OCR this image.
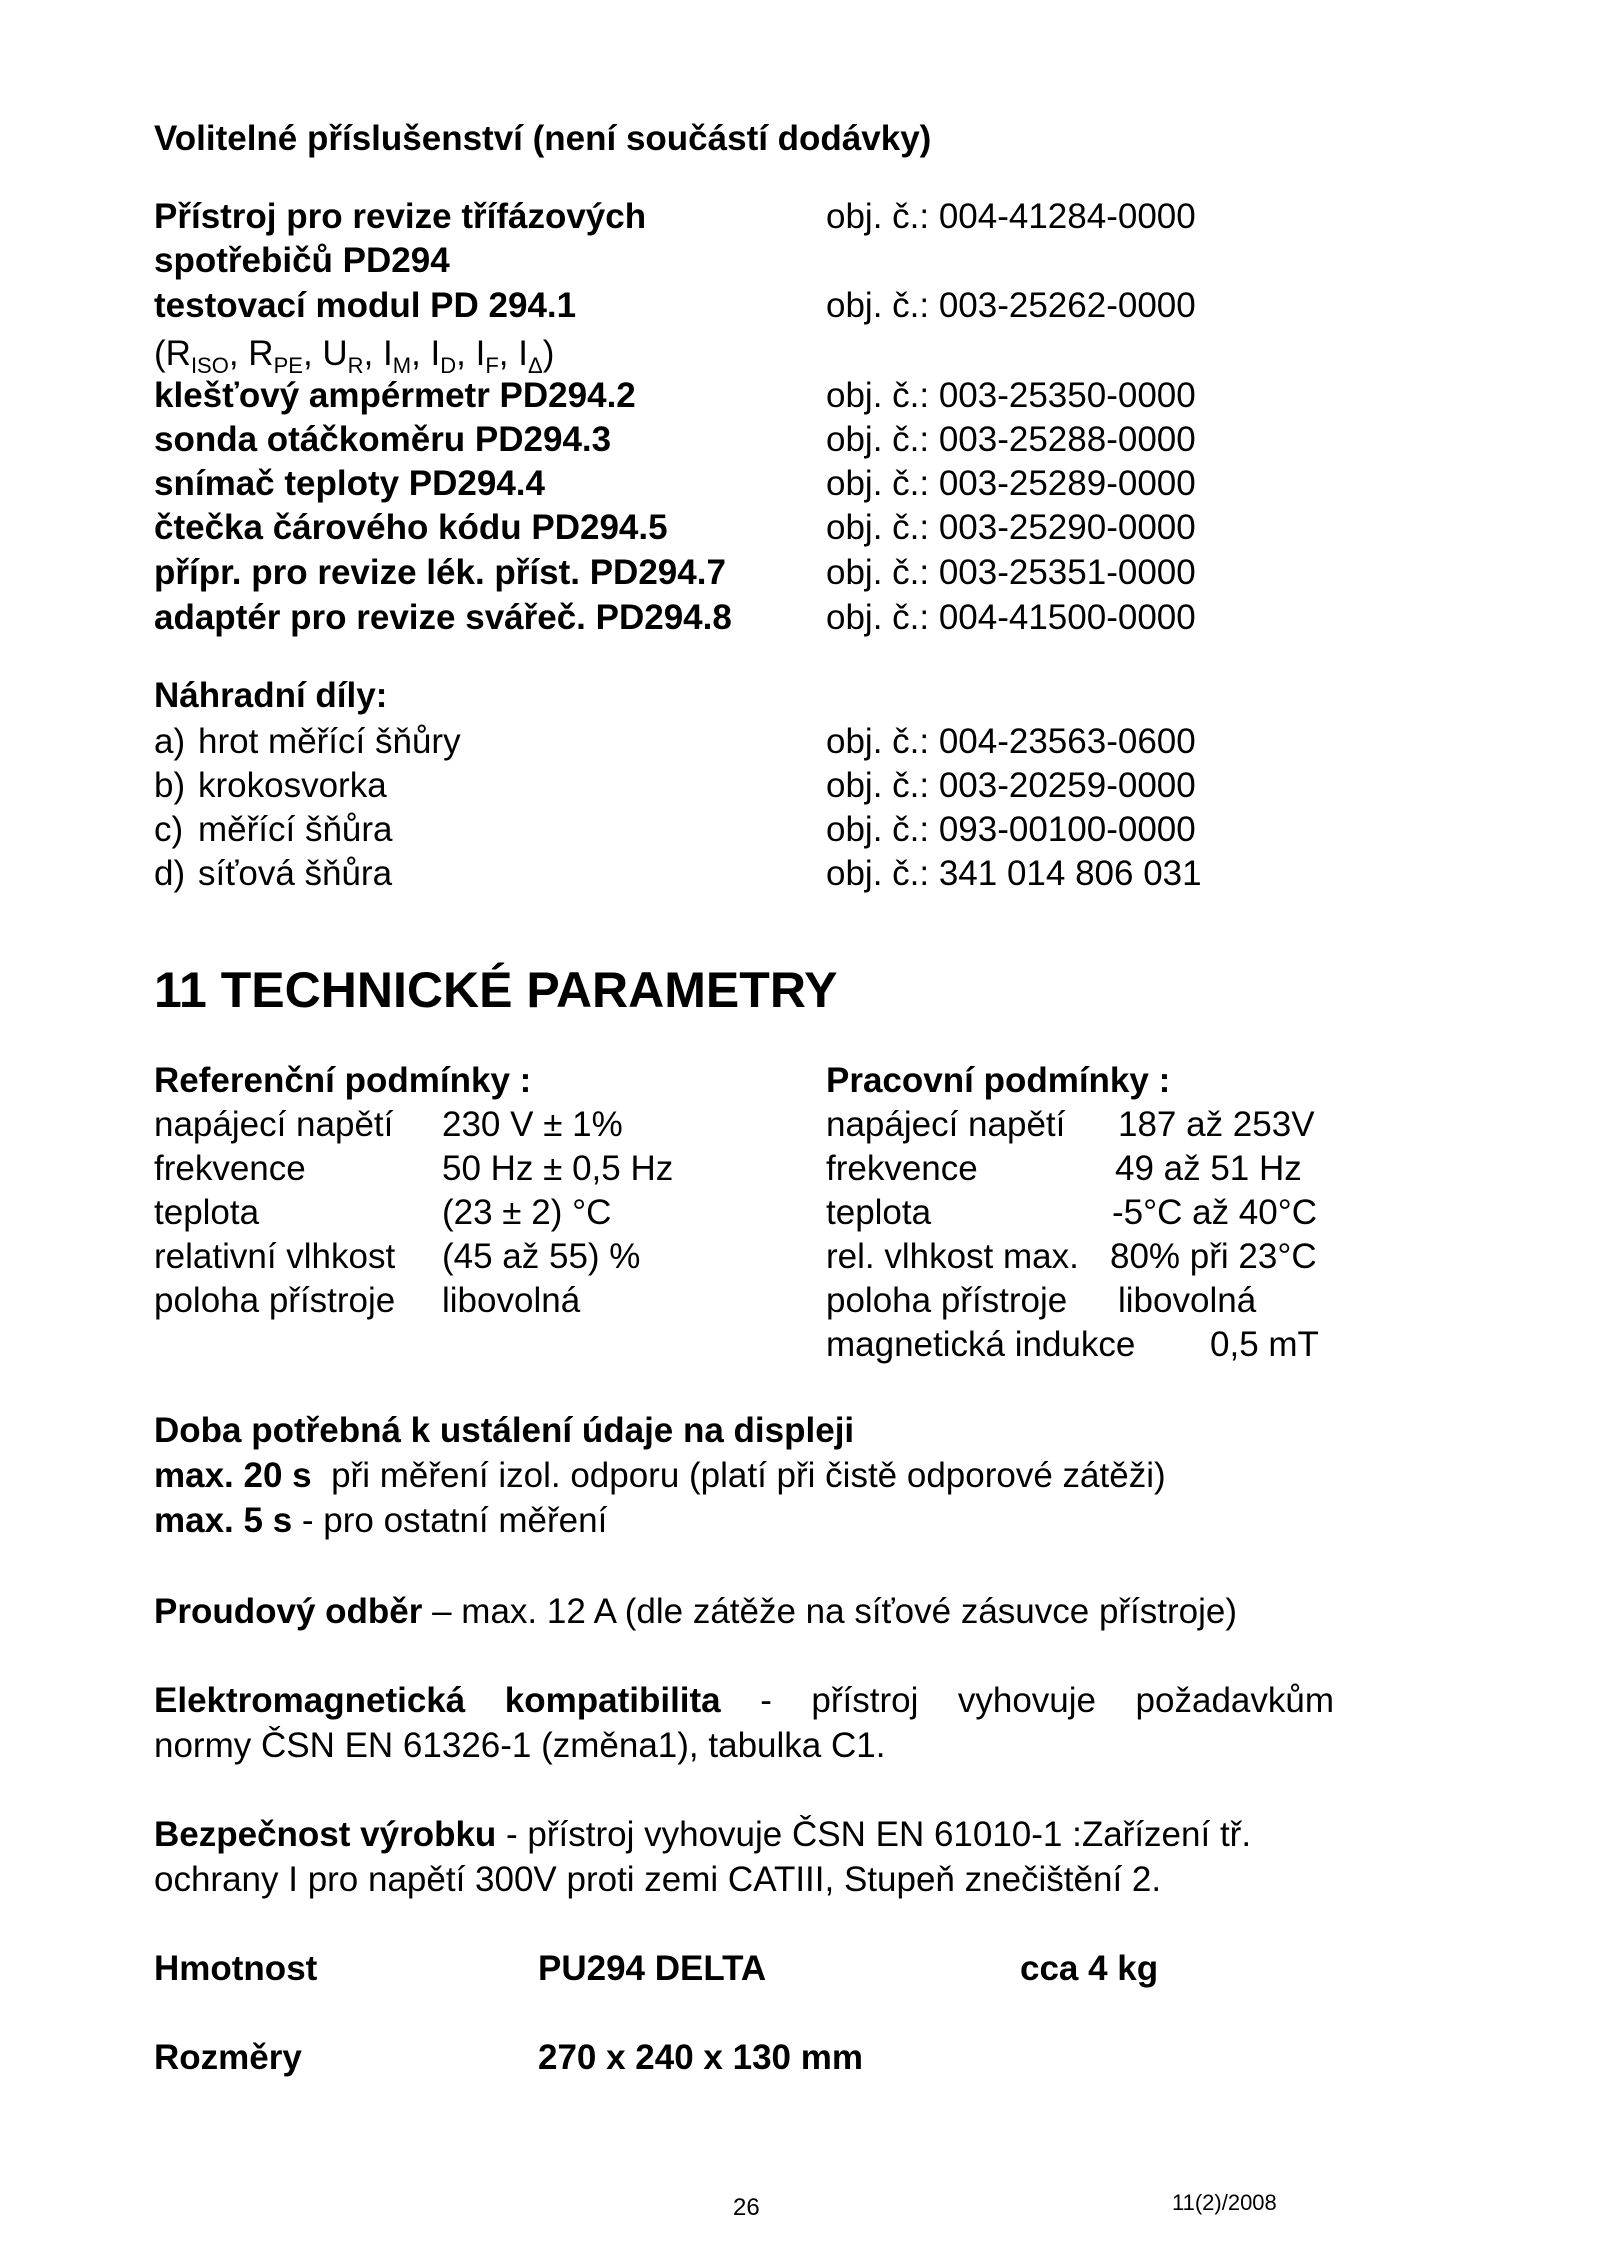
Volitelné příslušenství (není součástí dodávky)

Přístroj pro revize třífázových	obj. č.: 004-41284-0000

spotřebičů PD294

testovací modul PD 294.1	obj. č.: 003-25262-0000

($R_{ISO}$, $R_{PE}$, $U_R$, $I_M$, $I_D$, $I_F$, $I_\Delta$)

klešťový ampérmetr PD294.2	obj. č.: 003-25350-0000

sonda otáčkoměru PD294.3	obj. č.: 003-25288-0000

snímač teploty PD294.4	obj. č.: 003-25289-0000

čtečka čárového kódu PD294.5	obj. č.: 003-25290-0000

přípr. pro revize lék. příst. PD294.7	obj. č.: 003-25351-0000

adaptér pro revize svářeč. PD294.8	obj. č.: 004-41500-0000

Náhradní díly:

a) hrot měřící šňůry	obj. č.: 004-23563-0600

b) krokosvorka	obj. č.: 003-20259-0000

c) měřící šňůra	obj. č.: 093-00100-0000

d) síťová šňůra	obj. č.: 341 014 806 031

11 TECHNICKÉ PARAMETRY

Referenční podmínky :

napájecí napětí 230 V ± 1%

frekvence	50 Hz ± 0,5 Hz

teplota	(23 ± 2) °C

relativní vlhkost (45 až 55) %

poloha přístroje libovolná

Pracovní podmínky :

napájecí napětí 187 až 253V

frekvence	49 až 51 Hz

teplota	-5°C až 40°C

rel. vlhkost max. 80% při 23°C

poloha přístroje libovolná

magnetická indukce 0,5 mT

Doba potřebná k ustálení údaje na displeji

max. 20 s při měření izol. odporu (platí při čistě odporové zátěži)

max. 5 s - pro ostatní měření

Proudový odběr – max. 12 A (dle zátěže na síťové zásuvce přístroje)

Elektromagnetická kompatibilita - přístroj vyhovuje požadavkům

normy ČSN EN 61326-1 (změna1), tabulka C1.

Bezpečnost výrobku - přístroj vyhovuje ČSN EN 61010-1 :Zařízení tř.

ochrany I pro napětí 300V proti zemi CATIII, Stupeň znečištění 2.

Hmotnost	PU294 DELTA	cca 4 kg

Rozměry	270 x 240 x 130 mm

26	11(2)/2008
